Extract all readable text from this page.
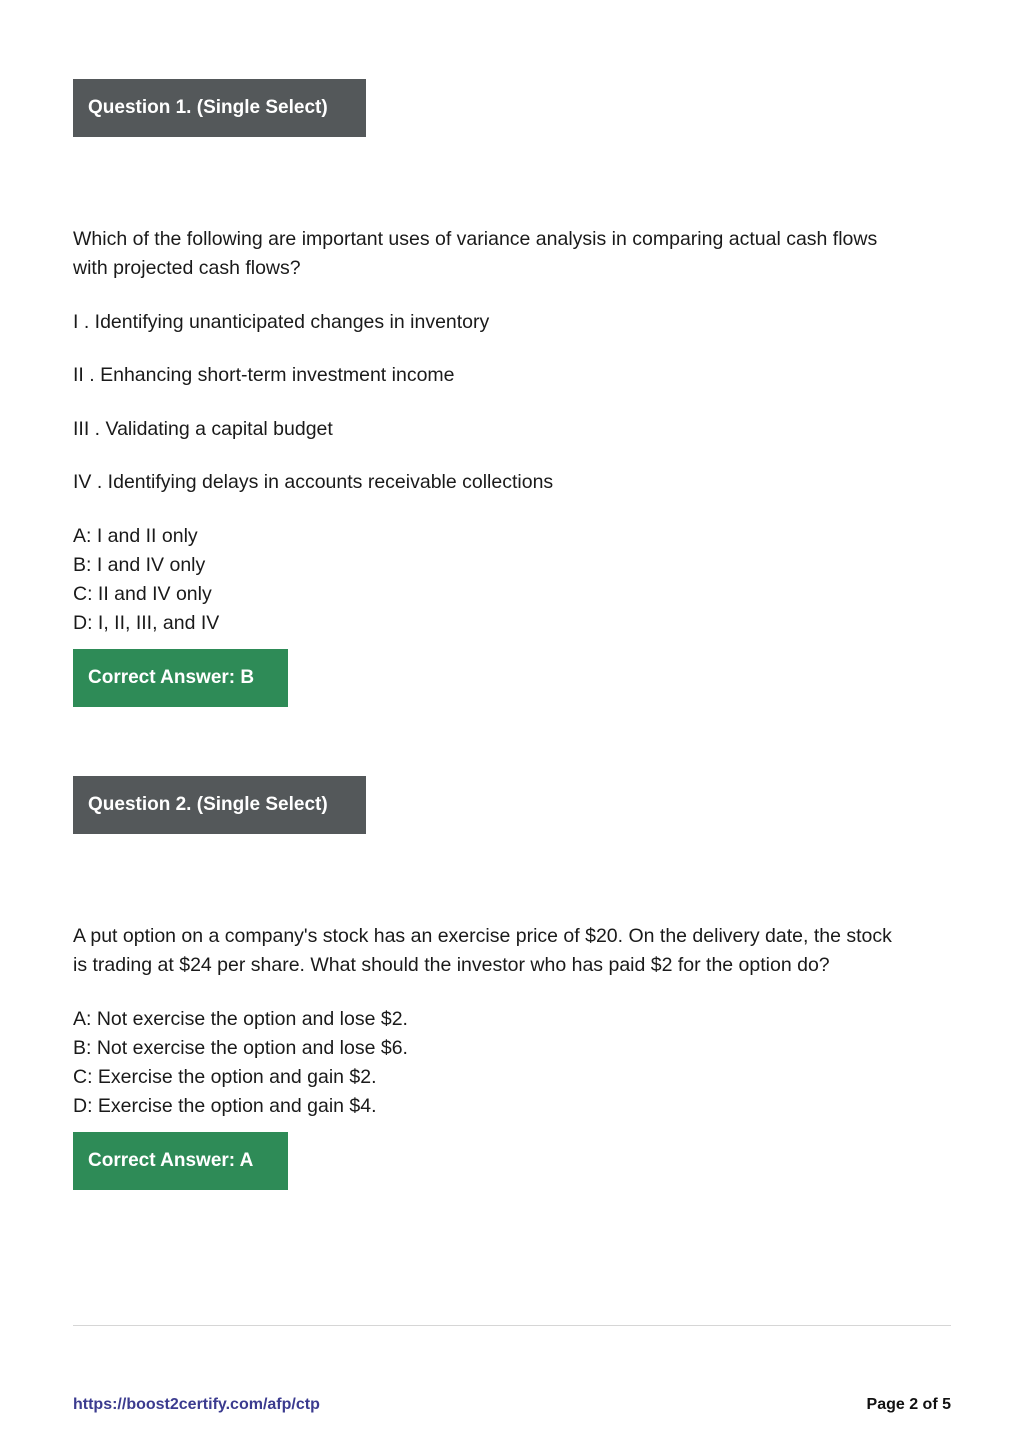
Question 1. (Single Select)
Which of the following are important uses of variance analysis in comparing actual cash flows
with projected cash flows?
I . Identifying unanticipated changes in inventory
II . Enhancing short-term investment income
III . Validating a capital budget
IV . Identifying delays in accounts receivable collections
A: I and II only
B: I and IV only
C: II and IV only
D: I, II, III, and IV
Correct Answer: B
Question 2. (Single Select)
A put option on a company's stock has an exercise price of $20. On the delivery date, the stock
is trading at $24 per share. What should the investor who has paid $2 for the option do?
A: Not exercise the option and lose $2.
B: Not exercise the option and lose $6.
C: Exercise the option and gain $2.
D: Exercise the option and gain $4.
Correct Answer: A
https://boost2certify.com/afp/ctp	Page 2 of 5
